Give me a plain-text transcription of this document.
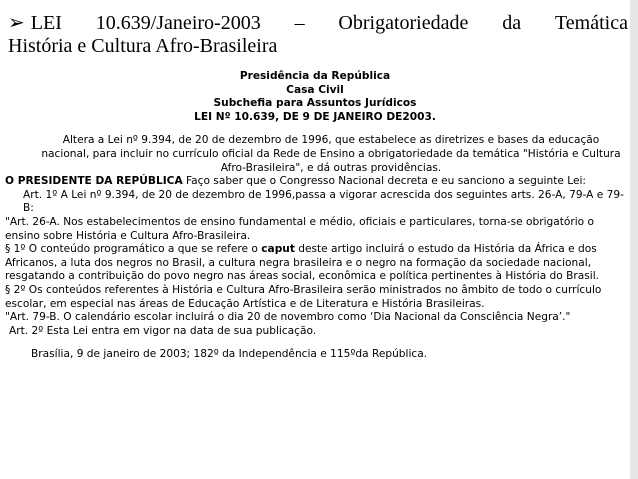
➢ LEI 10.639/Janeiro-2003 – Obrigatoriedade da Temática
História e Cultura Afro-Brasileira
Presidência da República
Casa Civil
Subchefia para Assuntos Jurídicos
LEI Nº 10.639, DE 9 DE JANEIRO DE2003.

Altera a Lei nº 9.394, de 20 de dezembro de 1996, que estabelece as diretrizes e bases da educação nacional, para incluir no currículo oficial da Rede de Ensino a obrigatoriedade da temática "História e Cultura Afro-Brasileira", e dá outras providências.

O PRESIDENTE DA REPÚBLICA Faço saber que o Congresso Nacional decreta e eu sanciono a seguinte Lei:

Art. 1º A Lei nº 9.394, de 20 de dezembro de 1996,passa a vigorar acrescida dos seguintes arts. 26-A, 79-A e 79-B:

"Art. 26-A. Nos estabelecimentos de ensino fundamental e médio, oficiais e particulares, torna-se obrigatório o ensino sobre História e Cultura Afro-Brasileira.

§ 1º O conteúdo programático a que se refere o caput deste artigo incluirá o estudo da História da África e dos Africanos, a luta dos negros no Brasil, a cultura negra brasileira e o negro na formação da sociedade nacional, resgatando a contribuição do povo negro nas áreas social, econômica e política pertinentes à História do Brasil.

§ 2º Os conteúdos referentes à História e Cultura Afro-Brasileira serão ministrados no âmbito de todo o currículo escolar, em especial nas áreas de Educação Artística e de Literatura e História Brasileiras.

"Art. 79-B. O calendário escolar incluirá o dia 20 de novembro como ‘Dia Nacional da Consciência Negra’."

Art. 2º Esta Lei entra em vigor na data de sua publicação.

Brasília, 9 de janeiro de 2003; 182º da Independência e 115ºda República.
